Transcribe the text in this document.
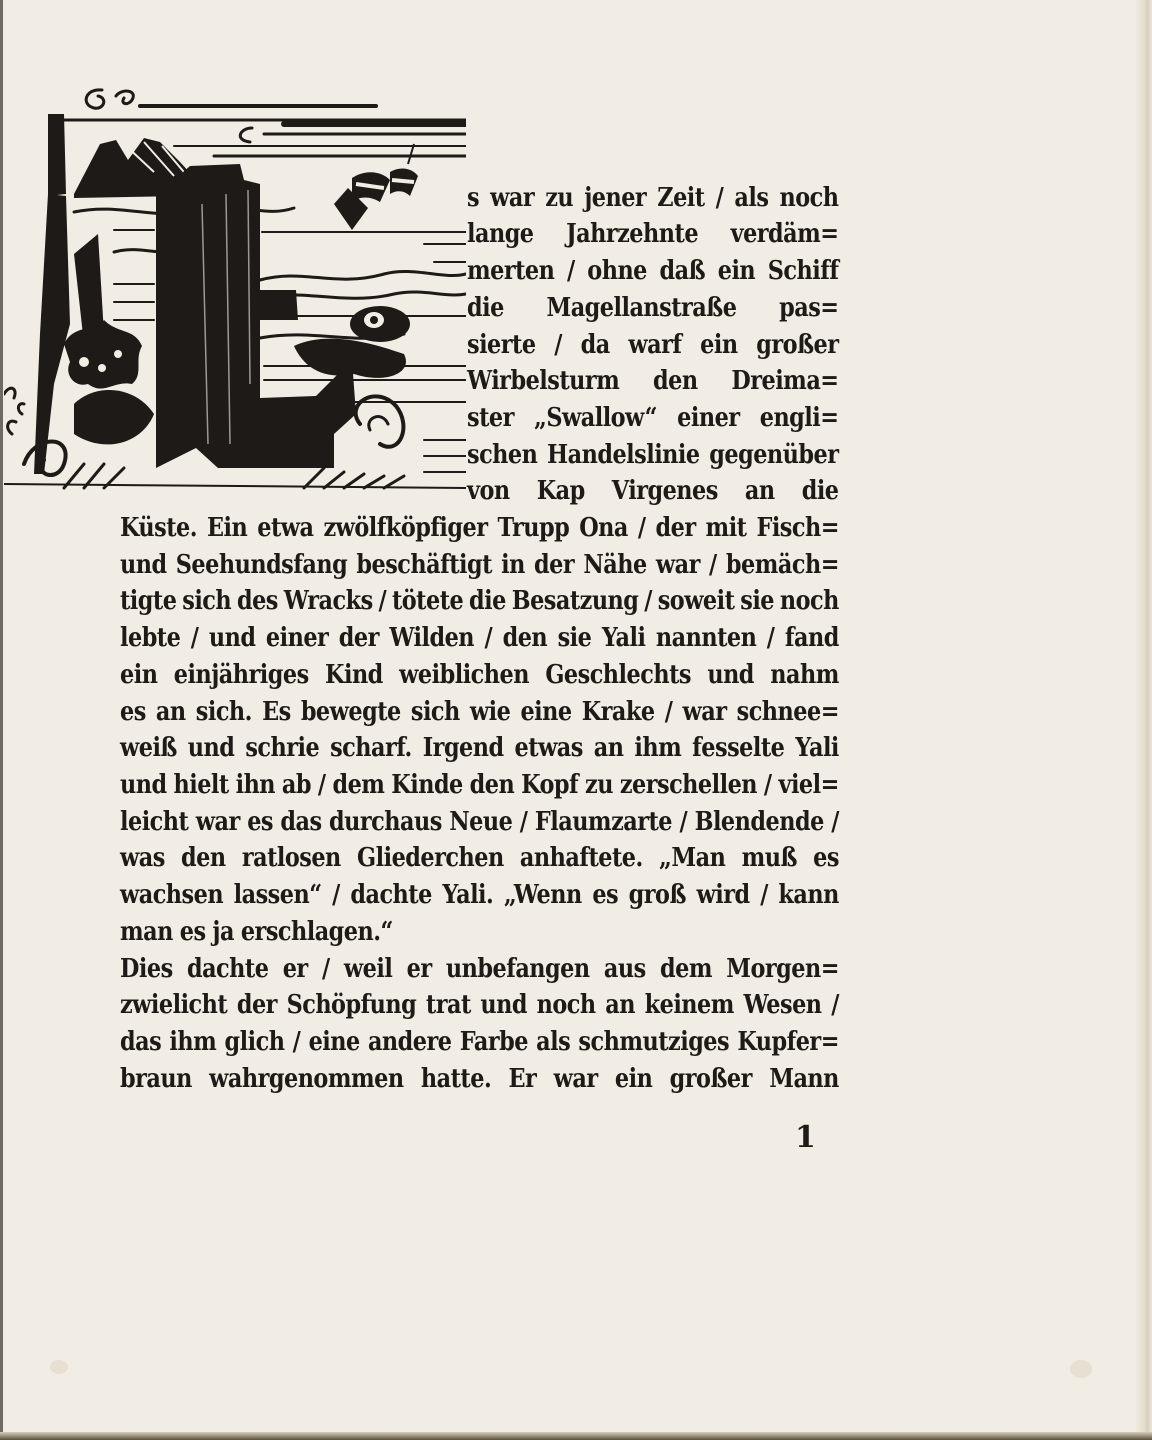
s war zu jener Zeit / als noch
lange Jahrzehnte verdäm=
merten / ohne daß ein Schiff
die Magellanstraße pas=
sierte / da warf ein großer
Wirbelsturm den Dreima=
ster „Swallow“ einer engli=
schen Handelslinie gegenüber
von Kap Virgenes an die
Küste. Ein etwa zwölfköpfiger Trupp Ona / der mit Fisch=
und Seehundsfang beschäftigt in der Nähe war / bemäch=
tigte sich des Wracks / tötete die Besatzung / soweit sie noch
lebte / und einer der Wilden / den sie Yali nannten / fand
ein einjähriges Kind weiblichen Geschlechts und nahm
es an sich. Es bewegte sich wie eine Krake / war schnee=
weiß und schrie scharf. Irgend etwas an ihm fesselte Yali
und hielt ihn ab / dem Kinde den Kopf zu zerschellen / viel=
leicht war es das durchaus Neue / Flaumzarte / Blendende /
was den ratlosen Gliederchen anhaftete. „Man muß es
wachsen lassen“ / dachte Yali. „Wenn es groß wird / kann
man es ja erschlagen.“
Dies dachte er / weil er unbefangen aus dem Morgen=
zwielicht der Schöpfung trat und noch an keinem Wesen /
das ihm glich / eine andere Farbe als schmutziges Kupfer=
braun wahrgenommen hatte. Er war ein großer Mann
1
